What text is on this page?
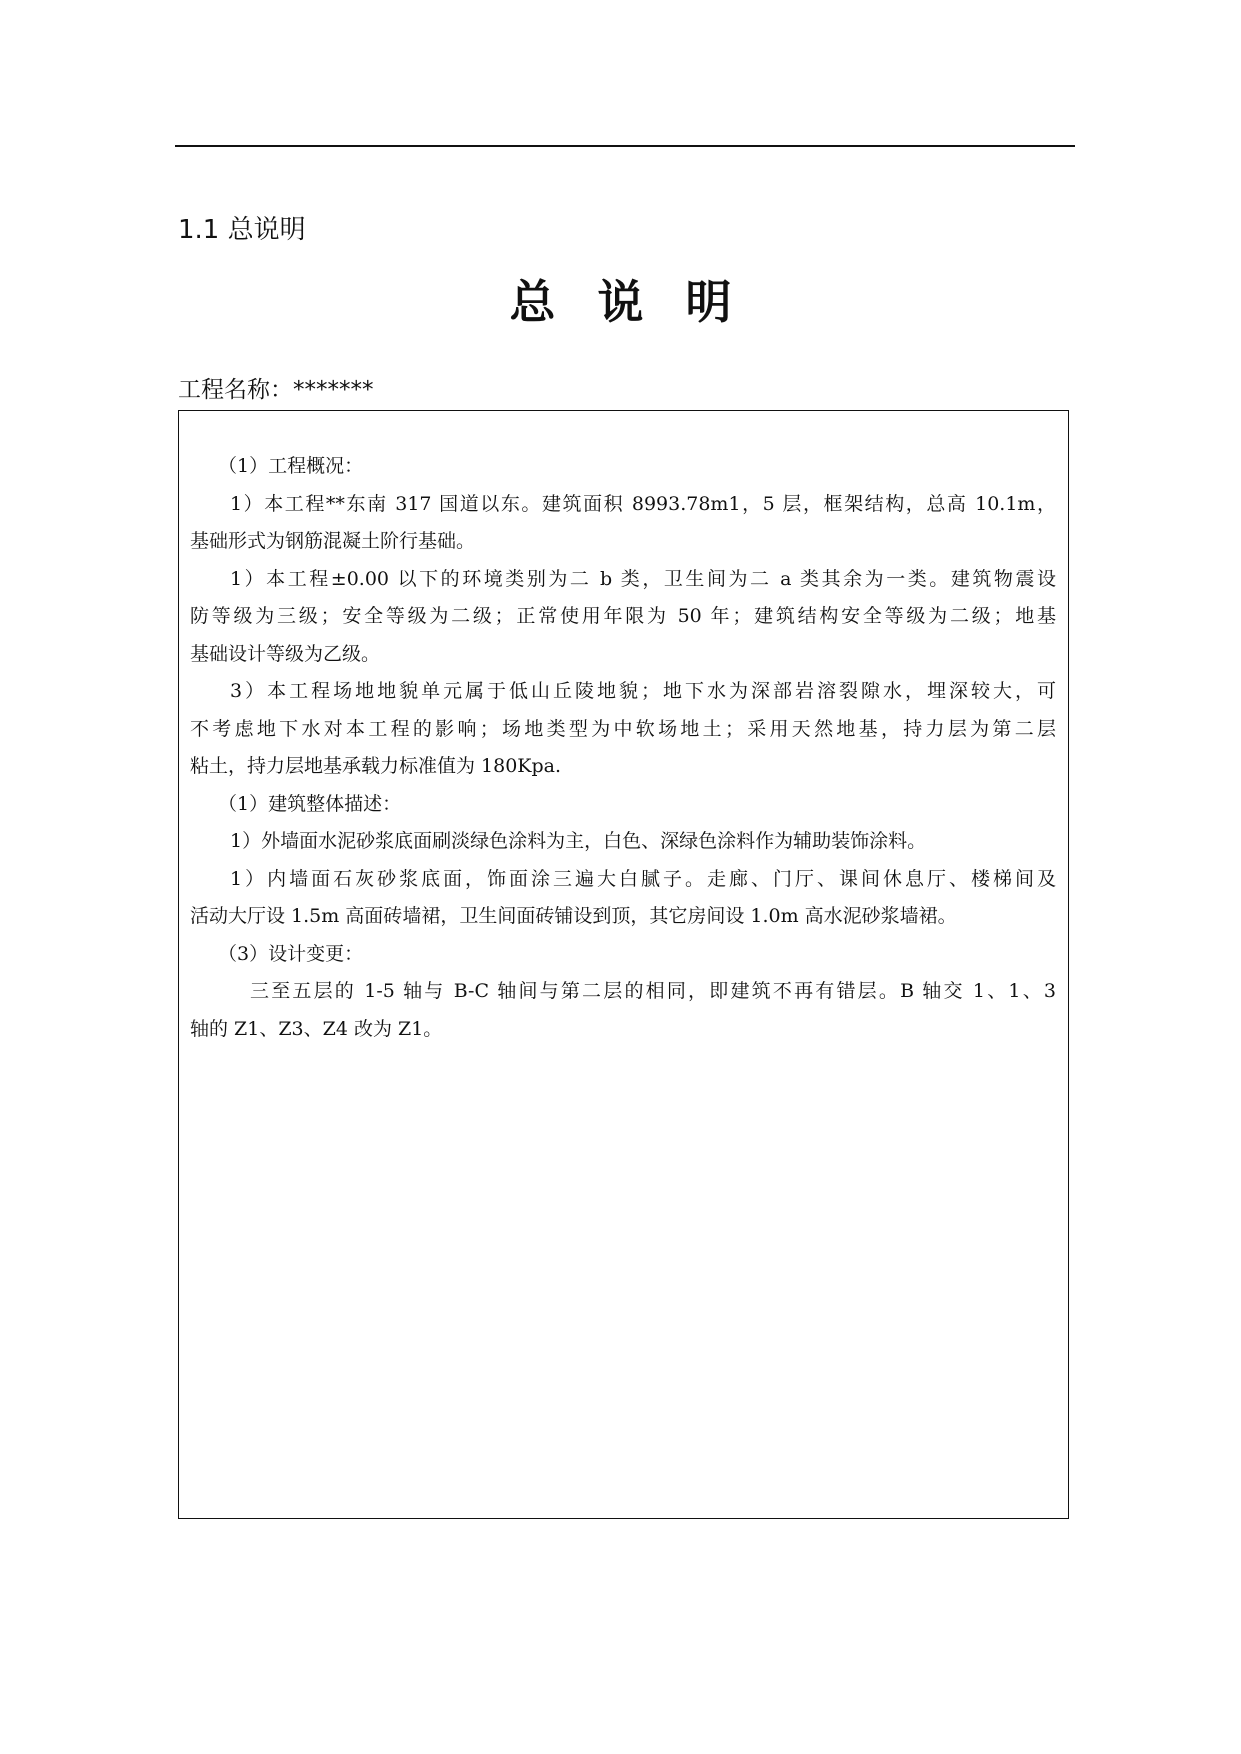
1.1 总说明
总说明
工程名称：*******

（1）工程概况：

1）本工程**东南 317 国道以东。建筑面积 8993.78m1，5 层，框架结构，总高 10.1m，

基础形式为钢筋混凝土阶行基础。

1）本工程±0.00 以下的环境类别为二 b 类，卫生间为二 a 类其余为一类。建筑物震设

防等级为三级；安全等级为二级；正常使用年限为 50 年；建筑结构安全等级为二级；地基

基础设计等级为乙级。

3）本工程场地地貌单元属于低山丘陵地貌；地下水为深部岩溶裂隙水，埋深较大，可

不考虑地下水对本工程的影响；场地类型为中软场地土；采用天然地基，持力层为第二层

粘土，持力层地基承载力标准值为 180Kpa.

（1）建筑整体描述：

1）外墙面水泥砂浆底面刷淡绿色涂料为主，白色、深绿色涂料作为辅助装饰涂料。

1）内墙面石灰砂浆底面，饰面涂三遍大白腻子。走廊、门厅、课间休息厅、楼梯间及

活动大厅设 1.5m 高面砖墙裙，卫生间面砖铺设到顶，其它房间设 1.0m 高水泥砂浆墙裙。

（3）设计变更：

三至五层的 1-5 轴与 B-C 轴间与第二层的相同，即建筑不再有错层。B 轴交 1、1、3

轴的 Z1、Z3、Z4 改为 Z1。
